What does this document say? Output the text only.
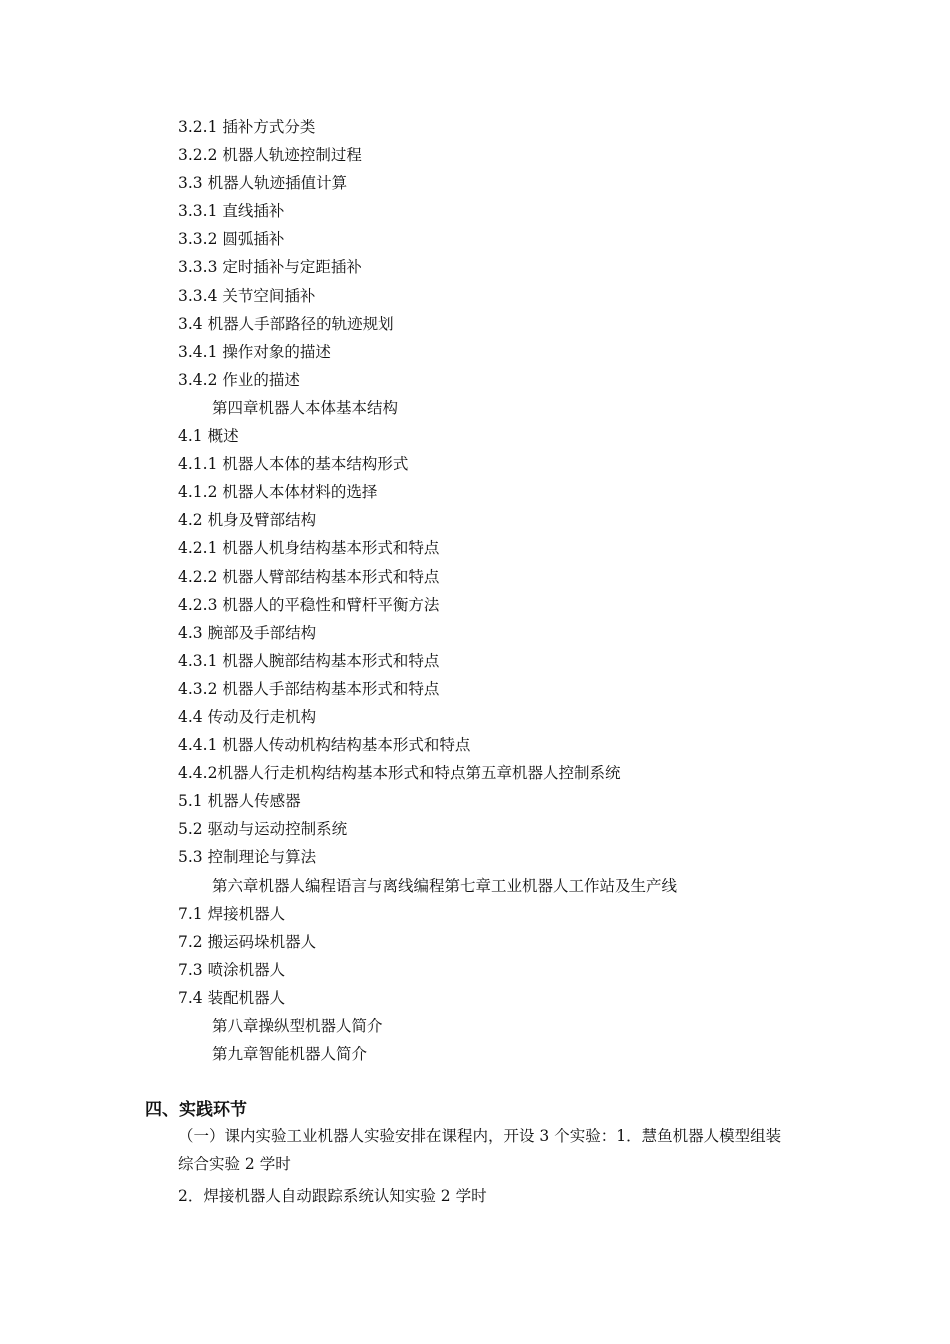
3.2.1 插补方式分类
3.2.2 机器人轨迹控制过程
3.3 机器人轨迹插值计算
3.3.1 直线插补
3.3.2 圆弧插补
3.3.3 定时插补与定距插补
3.3.4 关节空间插补
3.4 机器人手部路径的轨迹规划
3.4.1 操作对象的描述
3.4.2 作业的描述
第四章机器人本体基本结构
4.1 概述
4.1.1 机器人本体的基本结构形式
4.1.2 机器人本体材料的选择
4.2 机身及臂部结构
4.2.1 机器人机身结构基本形式和特点
4.2.2 机器人臂部结构基本形式和特点
4.2.3 机器人的平稳性和臂杆平衡方法
4.3 腕部及手部结构
4.3.1 机器人腕部结构基本形式和特点
4.3.2 机器人手部结构基本形式和特点
4.4 传动及行走机构
4.4.1 机器人传动机构结构基本形式和特点
4.4.2机器人行走机构结构基本形式和特点第五章机器人控制系统
5.1 机器人传感器
5.2 驱动与运动控制系统
5.3 控制理论与算法
第六章机器人编程语言与离线编程第七章工业机器人工作站及生产线
7.1 焊接机器人
7.2 搬运码垛机器人
7.3 喷涂机器人
7.4 装配机器人
第八章操纵型机器人简介
第九章智能机器人简介
四、实践环节

（一）课内实验工业机器人实验安排在课程内，开设 3 个实验：1．慧鱼机器人模型组装

综合实验 2 学时

2．焊接机器人自动跟踪系统认知实验 2 学时
